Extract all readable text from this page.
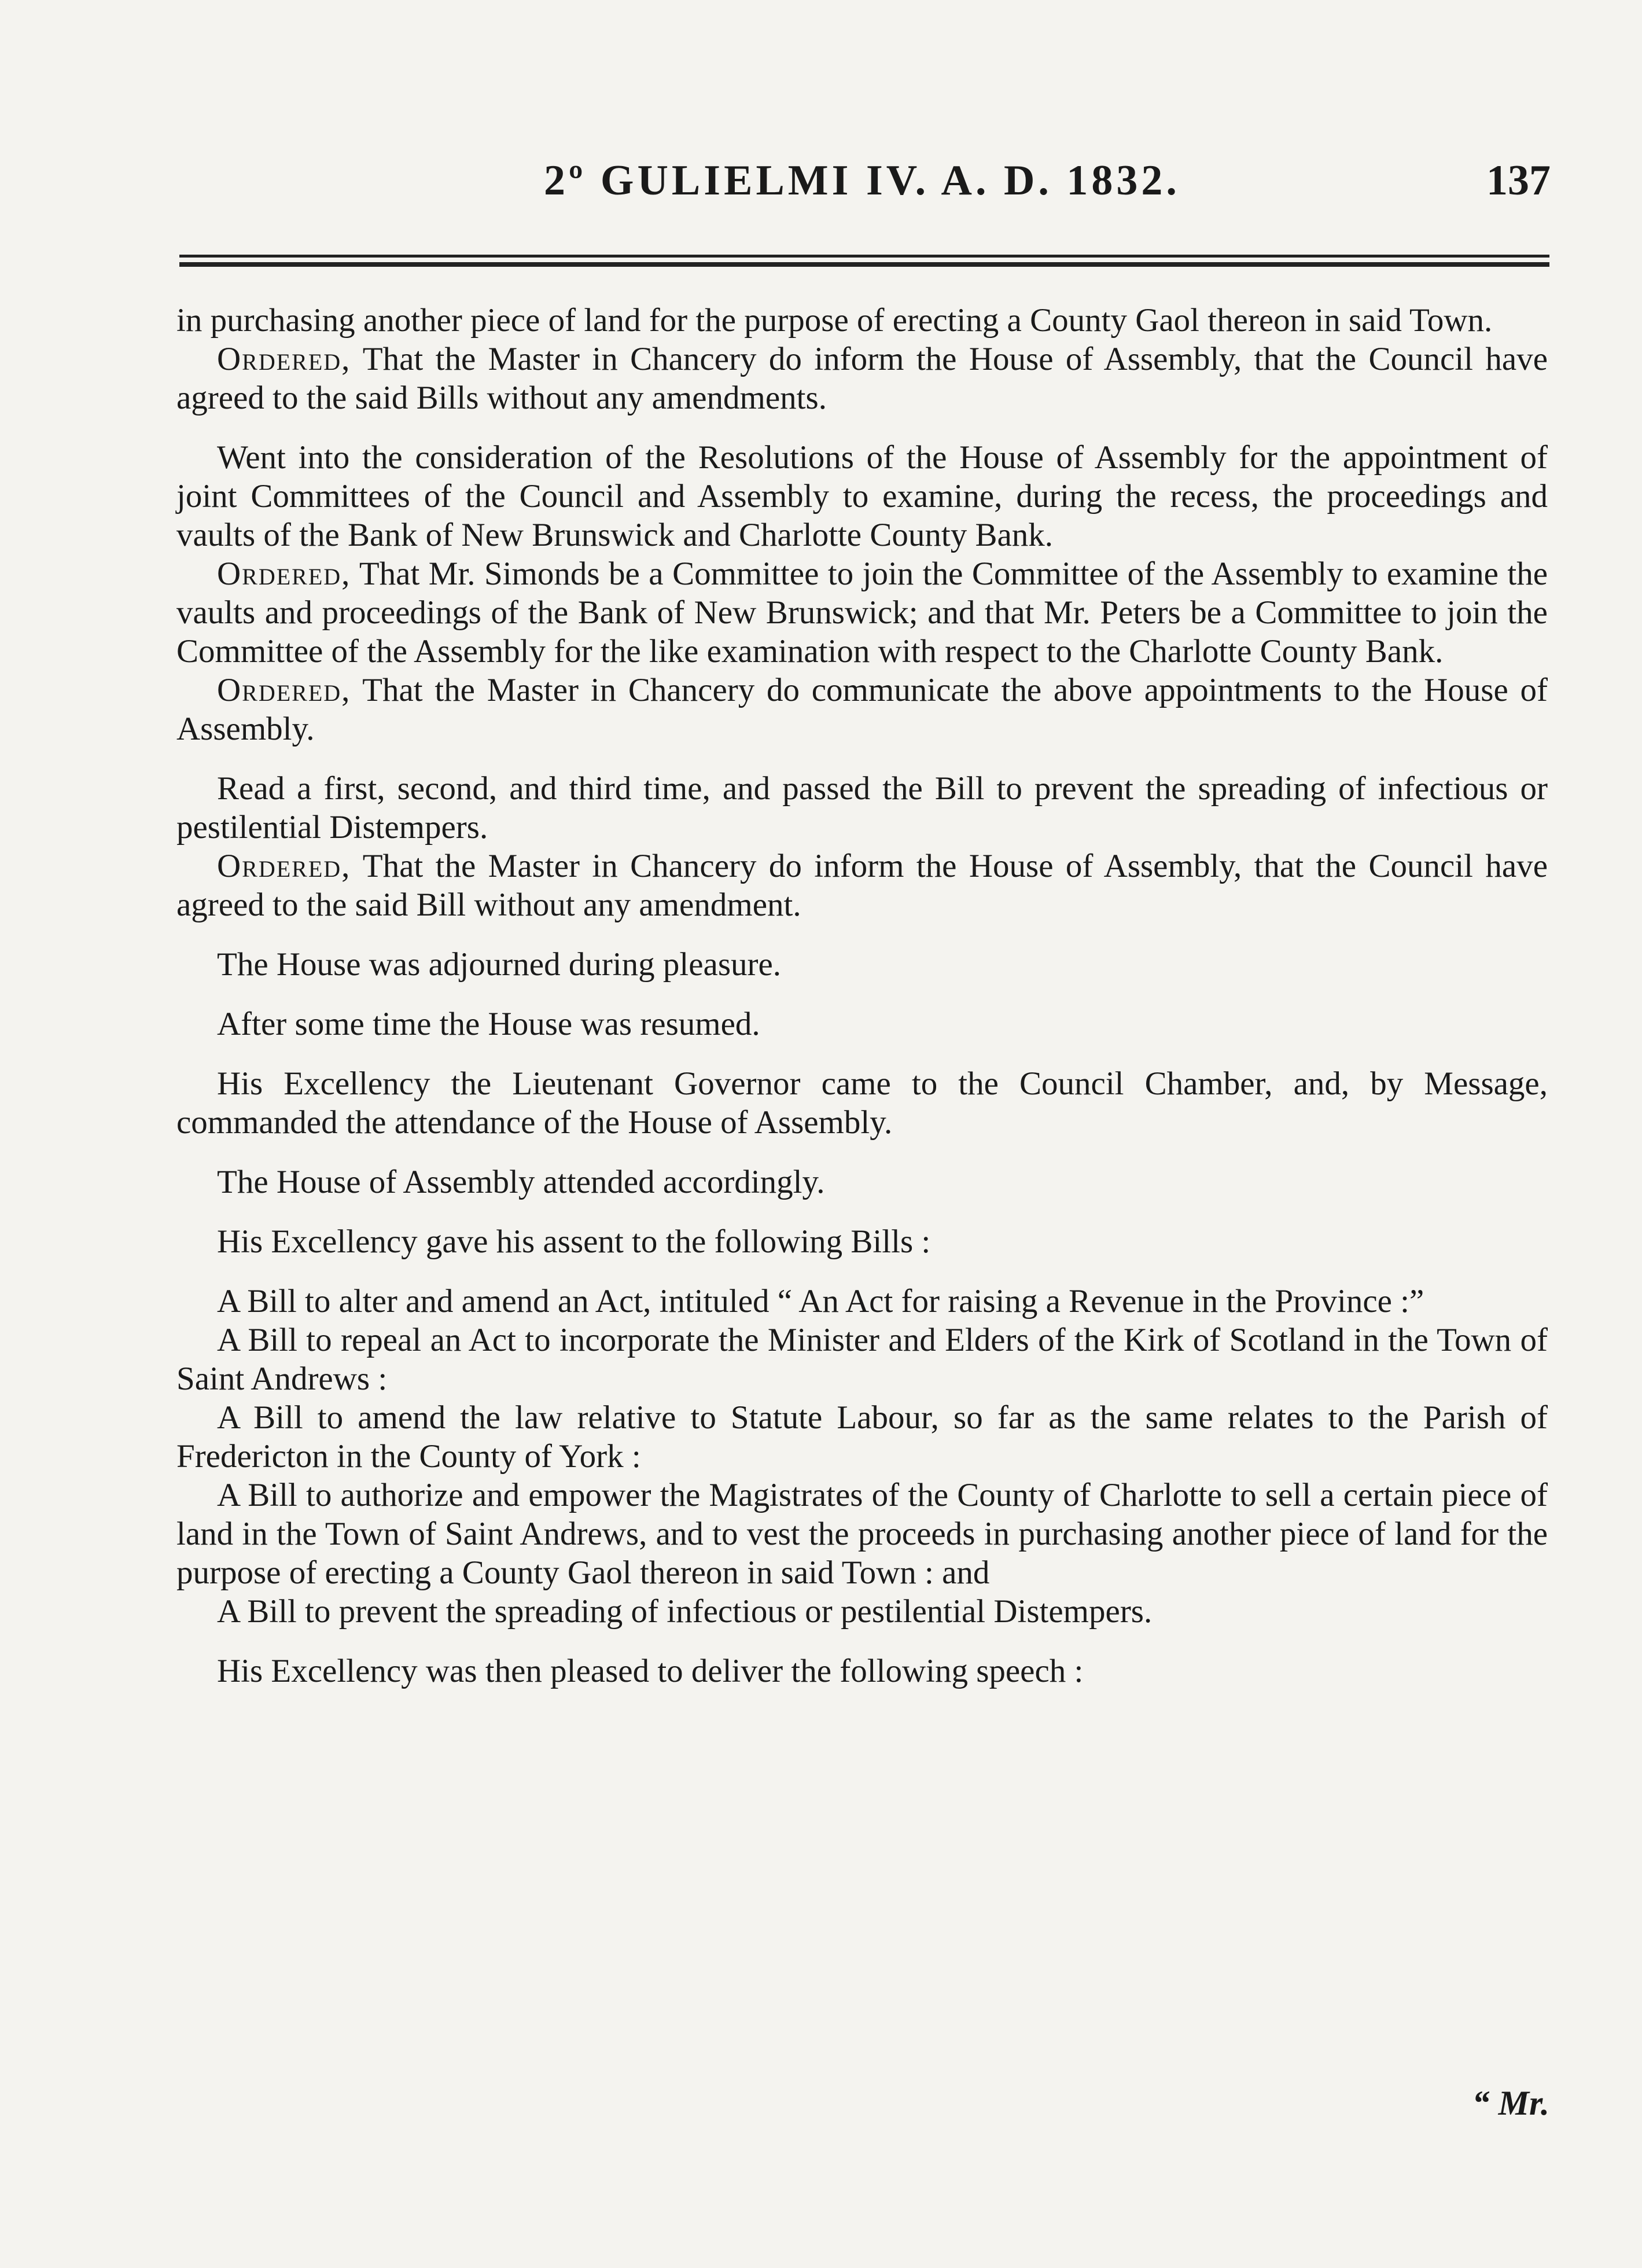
2º GULIELMI IV. A. D. 1832.	137

in purchasing another piece of land for the purpose of erecting a County Gaol thereon in said Town.

Ordered, That the Master in Chancery do inform the House of Assembly, that the Council have agreed to the said Bills without any amendments.

Went into the consideration of the Resolutions of the House of Assembly for the appointment of joint Committees of the Council and Assembly to examine, during the recess, the proceedings and vaults of the Bank of New Brunswick and Charlotte County Bank.

Ordered, That Mr. Simonds be a Committee to join the Committee of the Assembly to examine the vaults and proceedings of the Bank of New Brunswick; and that Mr. Peters be a Committee to join the Committee of the Assembly for the like examination with respect to the Charlotte County Bank.

Ordered, That the Master in Chancery do communicate the above appointments to the House of Assembly.

Read a first, second, and third time, and passed the Bill to prevent the spreading of infectious or pestilential Distempers.

Ordered, That the Master in Chancery do inform the House of Assembly, that the Council have agreed to the said Bill without any amendment.

The House was adjourned during pleasure.

After some time the House was resumed.

His Excellency the Lieutenant Governor came to the Council Chamber, and, by Message, commanded the attendance of the House of Assembly.

The House of Assembly attended accordingly.

His Excellency gave his assent to the following Bills :

A Bill to alter and amend an Act, intituled “ An Act for raising a Revenue in the Province :”

A Bill to repeal an Act to incorporate the Minister and Elders of the Kirk of Scotland in the Town of Saint Andrews :

A Bill to amend the law relative to Statute Labour, so far as the same relates to the Parish of Fredericton in the County of York :

A Bill to authorize and empower the Magistrates of the County of Charlotte to sell a certain piece of land in the Town of Saint Andrews, and to vest the proceeds in purchasing another piece of land for the purpose of erecting a County Gaol thereon in said Town : and

A Bill to prevent the spreading of infectious or pestilential Distempers.

His Excellency was then pleased to deliver the following speech :

“ Mr.
